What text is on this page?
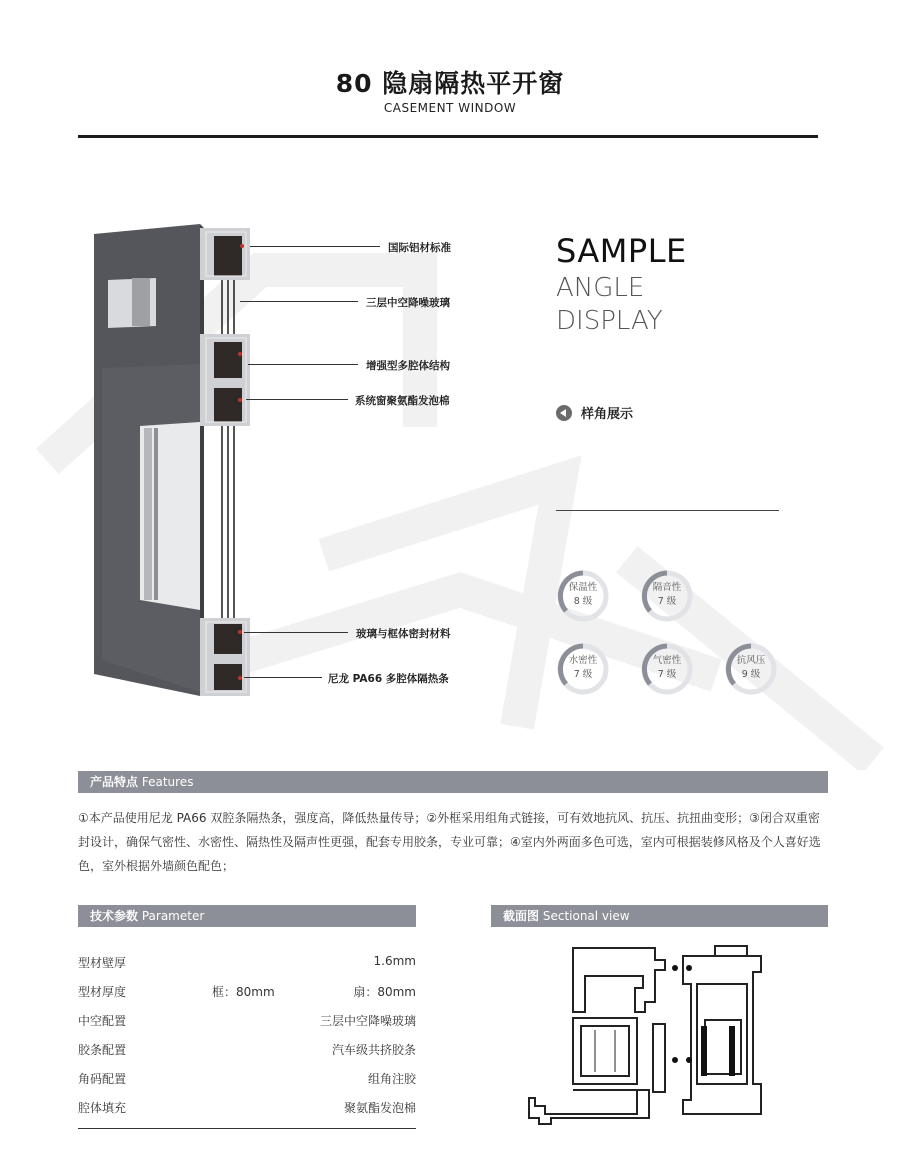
80 隐扇隔热平开窗
CASEMENT WINDOW
国际铝材标准
三层中空降噪玻璃
增强型多腔体结构
系统窗聚氨酯发泡棉
玻璃与框体密封材料
尼龙 PA66 多腔体隔热条
SAMPLE
ANGLE
DISPLAY
样角展示
保温性
8 级
隔音性
7 级
水密性
7 级
气密性
7 级
抗风压
9 级
产品特点 Features
①本产品使用尼龙 PA66 双腔条隔热条，强度高，降低热量传导；②外框采用组角式链接，可有效地抗风、抗压、抗扭曲变形；③闭合双重密封设计，确保气密性、水密性、隔热性及隔声性更强，配套专用胶条，专业可靠；④室内外两面多色可选，室内可根据装修风格及个人喜好选色，室外根据外墙颜色配色；
技术参数 Parameter
型材壁厚	1.6mm
型材厚度	框：80mm	扇：80mm
中空配置	三层中空降噪玻璃
胶条配置	汽车级共挤胶条
角码配置	组角注胶
腔体填充	聚氨酯发泡棉
截面图 Sectional view
